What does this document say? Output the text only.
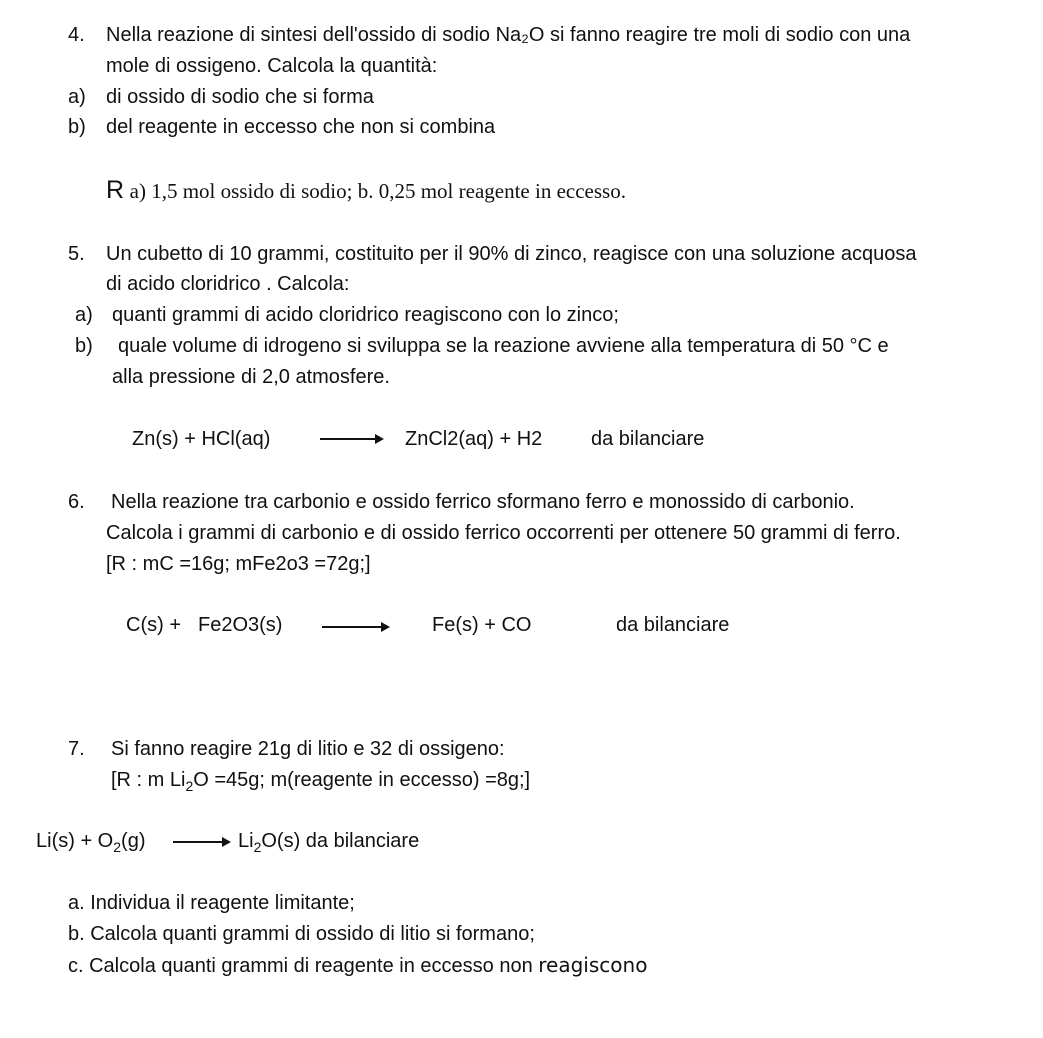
4. Nella reazione di sintesi dell'ossido di sodio Na₂O si fanno reagire tre moli di sodio con una
mole di ossigeno. Calcola la quantità:
a) di ossido di sodio che si forma
b) del reagente in eccesso che non si combina
R a) 1,5 mol ossido di sodio; b. 0,25 mol reagente in eccesso.
5. Un cubetto di 10 grammi, costituito per il 90% di zinco, reagisce con una soluzione acquosa
di acido cloridrico . Calcola:
a) quanti grammi di acido cloridrico reagiscono con lo zinco;
b) quale volume di idrogeno si sviluppa se la reazione avviene alla temperatura di 50 °C e
alla pressione di 2,0 atmosfere.
Zn(s) + HCl(aq)	ZnCl2(aq) + H2 da bilanciare
6. Nella reazione tra carbonio e ossido ferrico sformano ferro e monossido di carbonio.
Calcola i grammi di carbonio e di ossido ferrico occorrenti per ottenere 50 grammi di ferro.
[R : mC =16g; mFe2o3 =72g;]
C(s) + Fe2O3(s)	Fe(s) + CO	da bilanciare
7. Si fanno reagire 21g di litio e 32 di ossigeno:
[R : m $Li_2O =45g$; m(reagente in eccesso) =8g;]
$Li(s) + O_2(g)$	$Li_2O(s)$ da bilanciare
a. Individua il reagente limitante;
b. Calcola quanti grammi di ossido di litio si formano;
c. Calcola quanti grammi di reagente in eccesso non reagiscono
